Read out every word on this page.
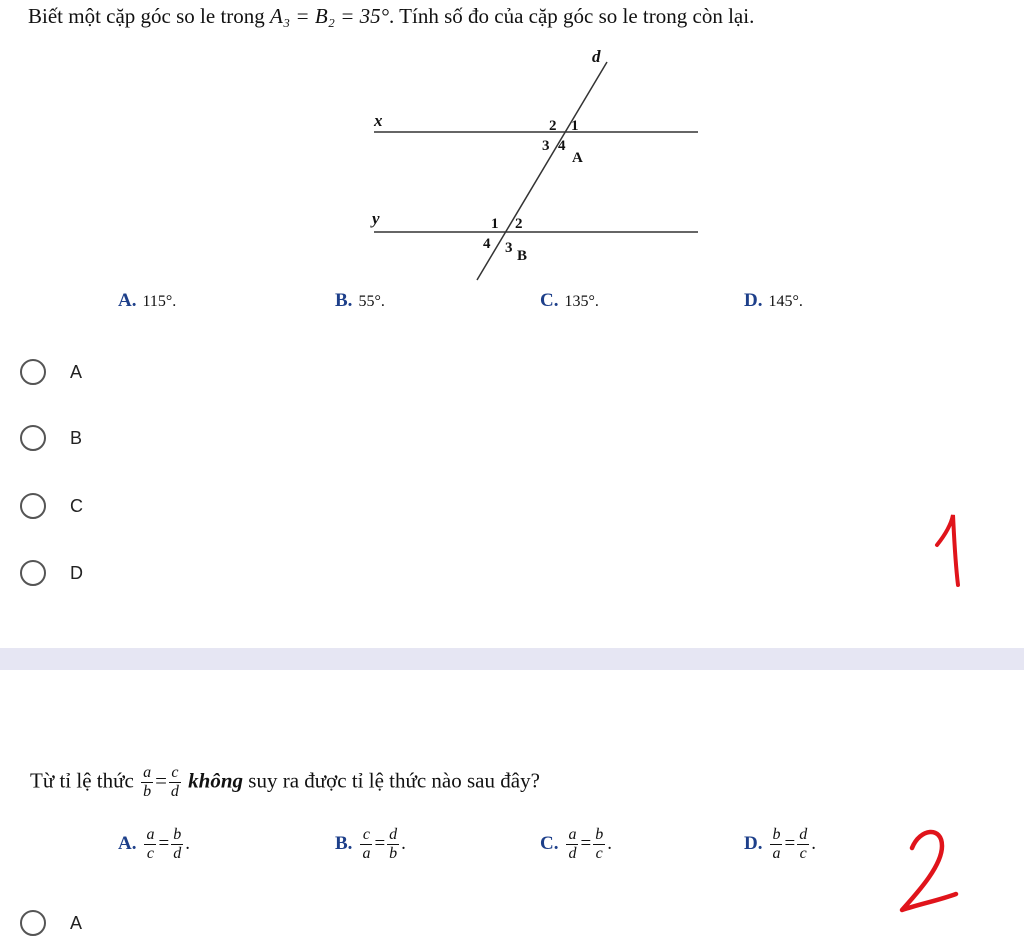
Biết một cặp góc so le trong A₃ = B₂ = 35°. Tính số đo của cặp góc so le trong còn lại.
d
x
y
2 1
3 4
A
1 2
4 3 B
A. 115°.	B. 55°.	C. 135°.	D. 145°.
A
B
C
D
Từ tỉ lệ thức $\frac{a}{b} = \frac{c}{d}$ không suy ra được tỉ lệ thức nào sau đây?
A. $\frac{a}{c} = \frac{b}{d}$ .	B. $\frac{c}{a} = \frac{d}{b}$ .	C. $\frac{a}{d} = \frac{b}{c}$ .	D. $\frac{b}{a} = \frac{d}{c}$ .
A
